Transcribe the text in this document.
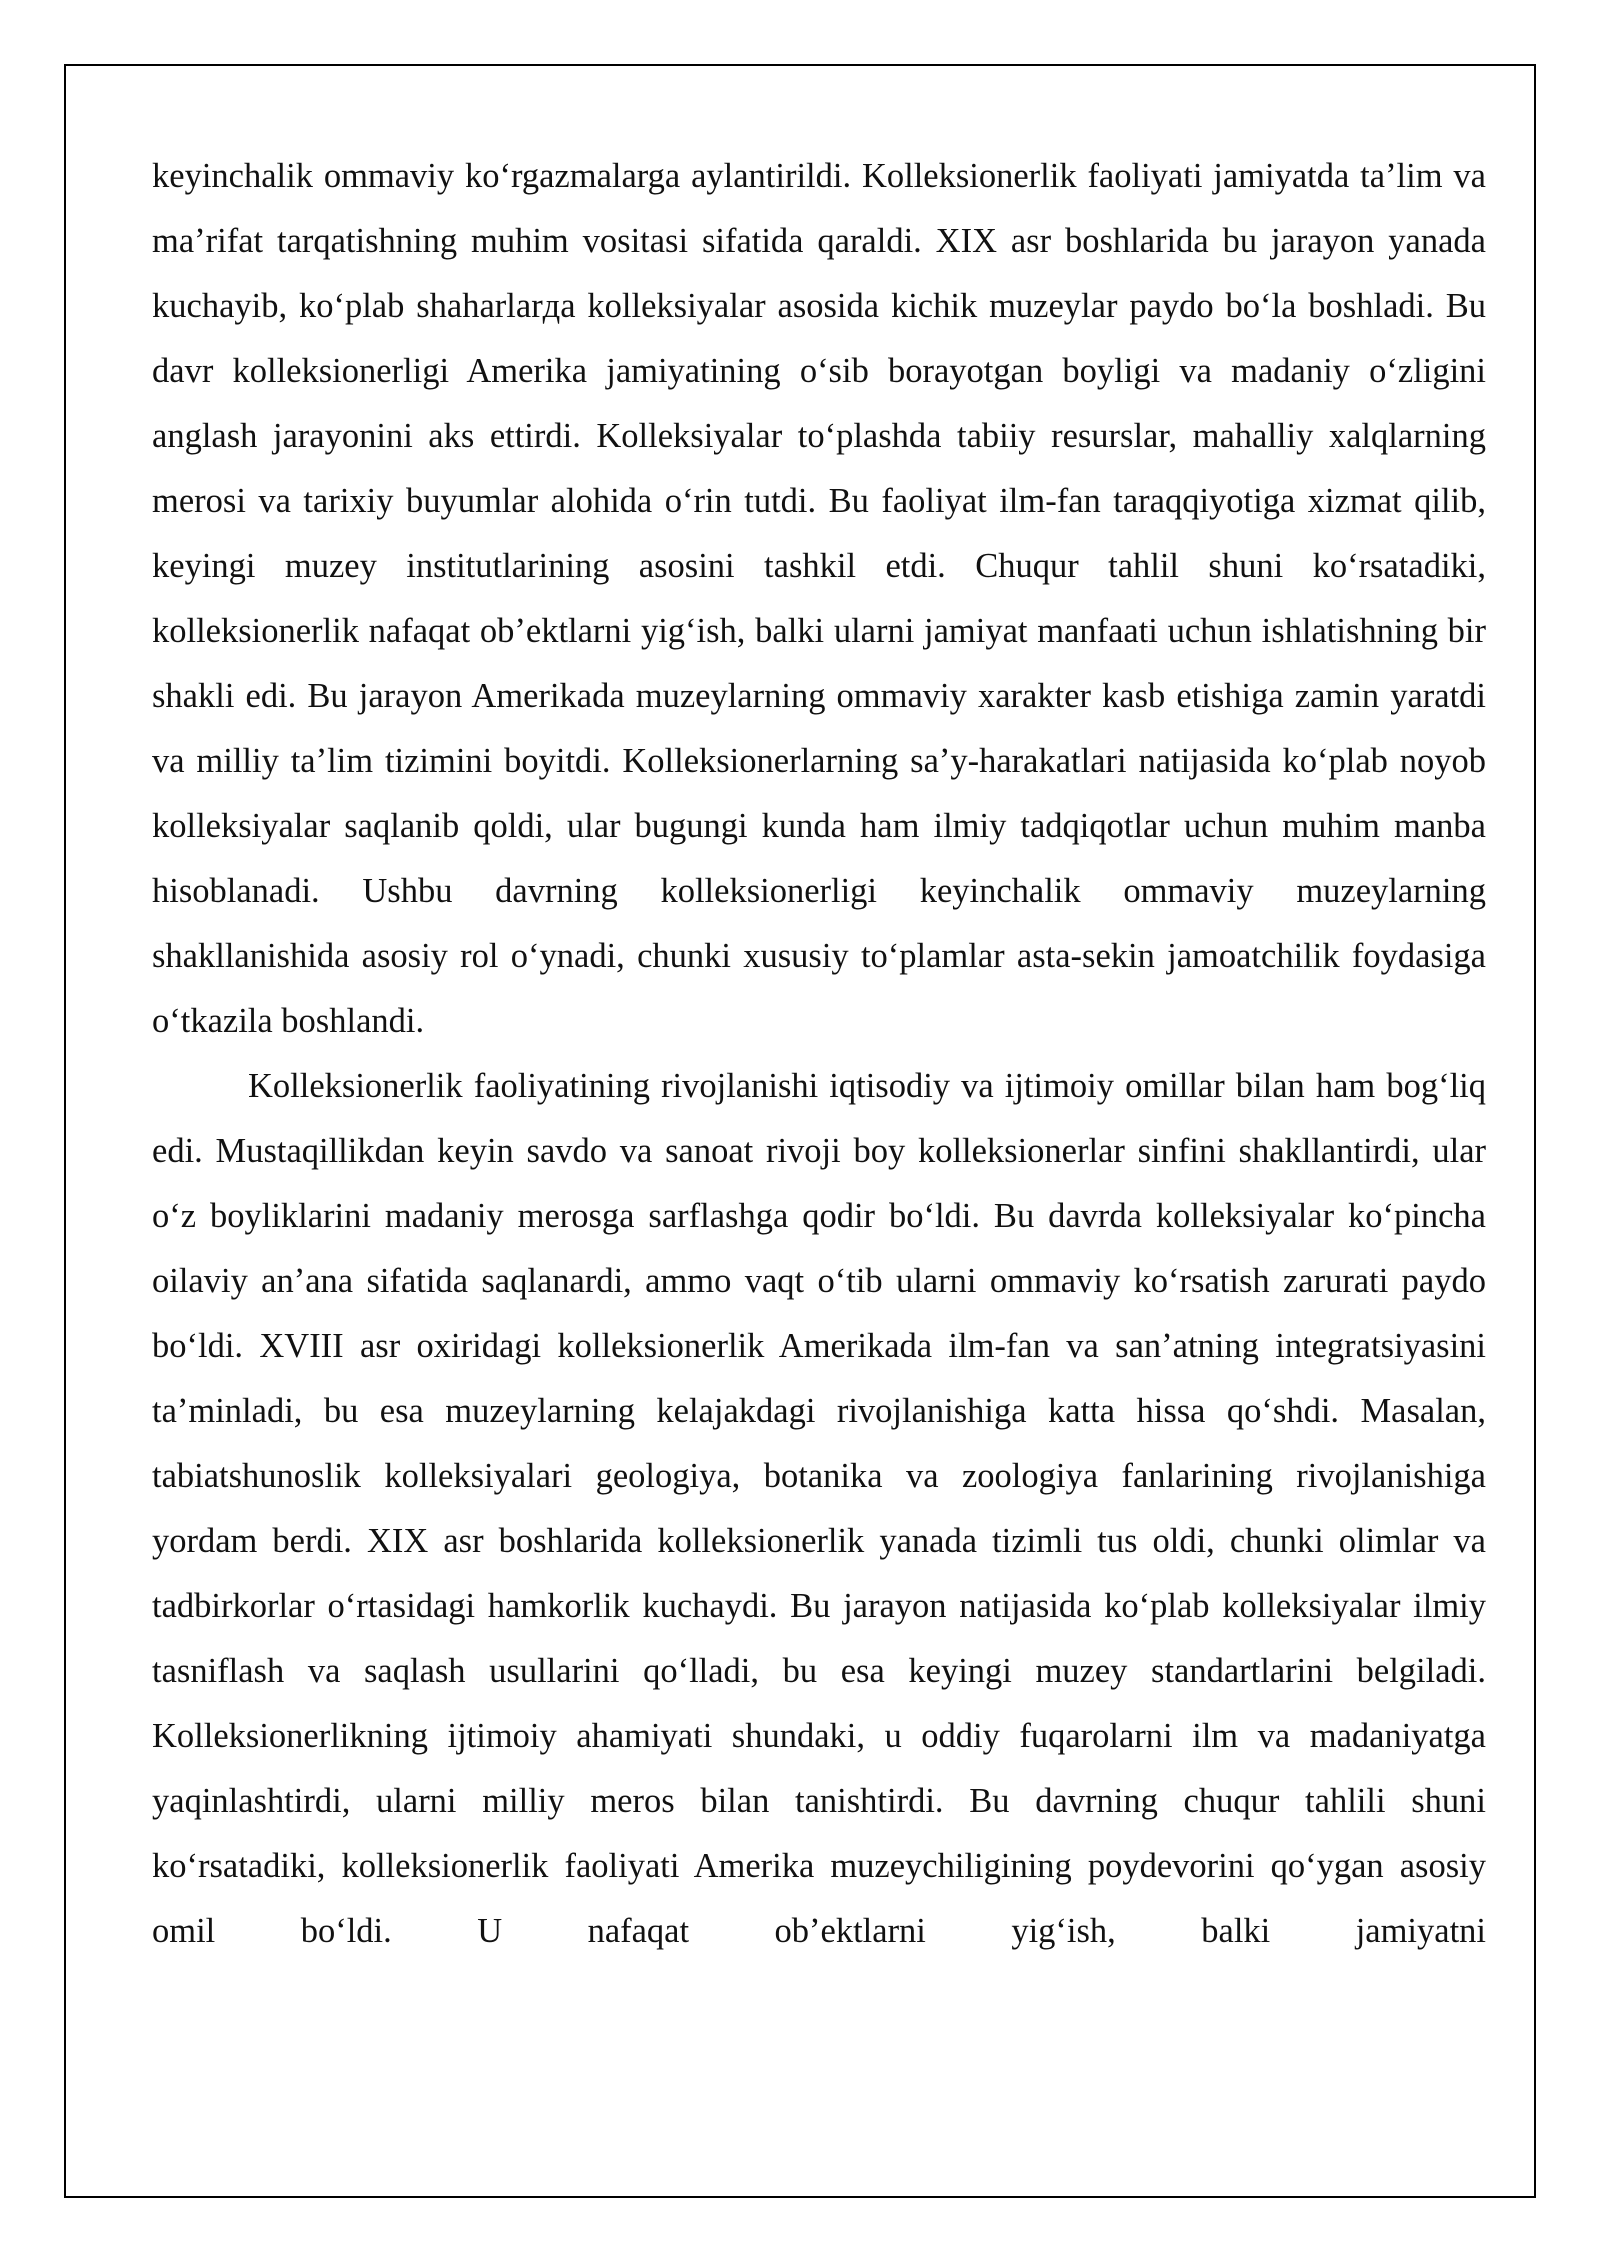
keyinchalik ommaviy koʻrgazmalarga aylantirildi. Kolleksionerlik faoliyati jamiyatda taʼlim va maʼrifat tarqatishning muhim vositasi sifatida qaraldi. XIX asr boshlarida bu jarayon yanada kuchayib, koʻplab shaharlarда kolleksiyalar asosida kichik muzeylar paydo boʻla boshladi. Bu davr kolleksionerligi Amerika jamiyatining oʻsib borayotgan boyligi va madaniy oʻzligini anglash jarayonini aks ettirdi. Kolleksiyalar toʻplashda tabiiy resurslar, mahalliy xalqlarning merosi va tarixiy buyumlar alohida oʻrin tutdi. Bu faoliyat ilm-fan taraqqiyotiga xizmat qilib, keyingi muzey institutlarining asosini tashkil etdi. Chuqur tahlil shuni koʻrsatadiki, kolleksionerlik nafaqat obʼektlarni yigʻish, balki ularni jamiyat manfaati uchun ishlatishning bir shakli edi. Bu jarayon Amerikada muzeylarning ommaviy xarakter kasb etishiga zamin yaratdi va milliy taʼlim tizimini boyitdi. Kolleksionerlarning saʼy-harakatlari natijasida koʻplab noyob kolleksiyalar saqlanib qoldi, ular bugungi kunda ham ilmiy tadqiqotlar uchun muhim manba hisoblanadi. Ushbu davrning kolleksionerligi keyinchalik ommaviy muzeylarning shakllanishida asosiy rol oʻynadi, chunki xususiy toʻplamlar asta-sekin jamoatchilik foydasiga oʻtkazila boshlandi.

Kolleksionerlik faoliyatining rivojlanishi iqtisodiy va ijtimoiy omillar bilan ham bogʻliq edi. Mustaqillikdan keyin savdo va sanoat rivoji boy kolleksionerlar sinfini shakllantirdi, ular oʻz boyliklarini madaniy merosga sarflashga qodir boʻldi. Bu davrda kolleksiyalar koʻpincha oilaviy anʼana sifatida saqlanardi, ammo vaqt oʻtib ularni ommaviy koʻrsatish zarurati paydo boʻldi. XVIII asr oxiridagi kolleksionerlik Amerikada ilm-fan va sanʼatning integratsiyasini taʼminladi, bu esa muzeylarning kelajakdagi rivojlanishiga katta hissa qoʻshdi. Masalan, tabiatshunoslik kolleksiyalari geologiya, botanika va zoologiya fanlarining rivojlanishiga yordam berdi. XIX asr boshlarida kolleksionerlik yanada tizimli tus oldi, chunki olimlar va tadbirkorlar oʻrtasidagi hamkorlik kuchaydi. Bu jarayon natijasida koʻplab kolleksiyalar ilmiy tasniflash va saqlash usullarini qoʻlladi, bu esa keyingi muzey standartlarini belgiladi. Kolleksionerlikning ijtimoiy ahamiyati shundaki, u oddiy fuqarolarni ilm va madaniyatga yaqinlashtirdi, ularni milliy meros bilan tanishtirdi. Bu davrning chuqur tahlili shuni koʻrsatadiki, kolleksionerlik faoliyati Amerika muzeychiligining poydevorini qoʻygan asosiy omil boʻldi. U nafaqat obʼektlarni yigʻish, balki jamiyatni
